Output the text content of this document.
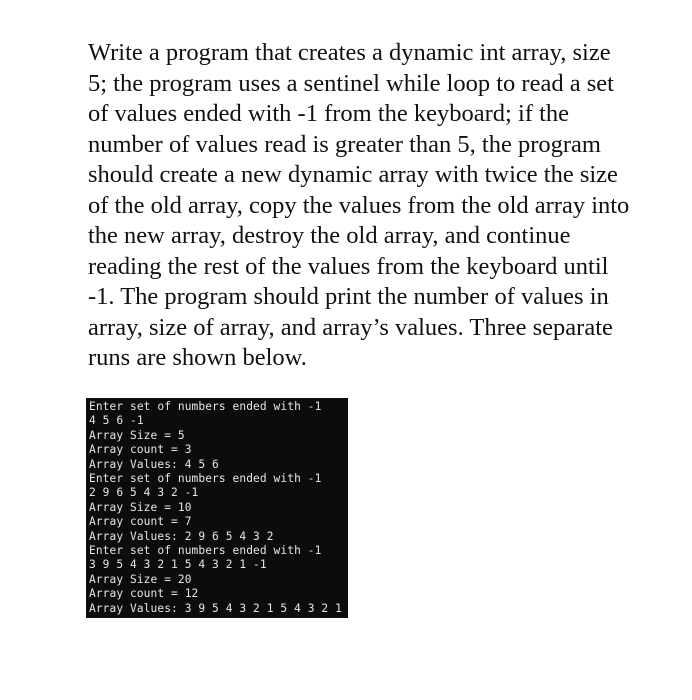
Write a program that creates a dynamic int array, size
5; the program uses a sentinel while loop to read a set
of values ended with -1 from the keyboard; if the
number of values read is greater than 5, the program
should create a new dynamic array with twice the size
of the old array, copy the values from the old array into
the new array, destroy the old array, and continue
reading the rest of the values from the keyboard until
-1. The program should print the number of values in
array, size of array, and array’s values. Three separate
runs are shown below.
Enter set of numbers ended with -1
4 5 6 -1
Array Size = 5
Array count = 3
Array Values: 4 5 6
Enter set of numbers ended with -1
2 9 6 5 4 3 2 -1
Array Size = 10
Array count = 7
Array Values: 2 9 6 5 4 3 2
Enter set of numbers ended with -1
3 9 5 4 3 2 1 5 4 3 2 1 -1
Array Size = 20
Array count = 12
Array Values: 3 9 5 4 3 2 1 5 4 3 2 1
